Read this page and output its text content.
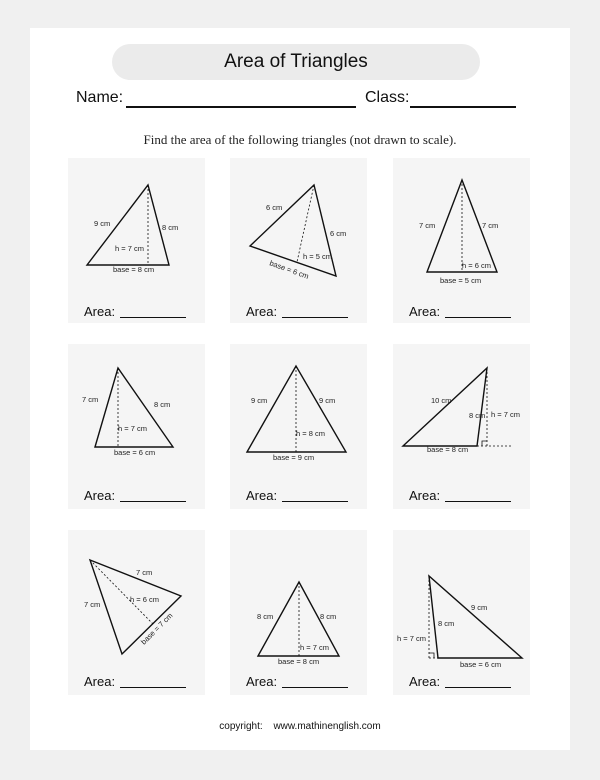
Area of Triangles
Name:	Class:
Find the area of the following triangles (not drawn to scale).
9 cm	8 cm
h = 7 cm
base = 8 cm
Area:
6 cm
6 cm
h = 5 cm
base = 6 cm
Area:
7 cm	7 cm
h = 6 cm
base = 5 cm
Area:
7 cm
8 cm
h = 7 cm
base = 6 cm
Area:
9 cm	9 cm
h = 8 cm
base = 9 cm
Area:
10 cm
8 cm h = 7 cm
base = 8 cm
Area:
7 cm
7 cm
h = 6 cm
base = 7 cm
Area:
8 cm	8 cm
h = 7 cm
base = 8 cm
Area:
9 cm
8 cm
h = 7 cm
base = 6 cm
Area:
copyright: www.mathinenglish.com
